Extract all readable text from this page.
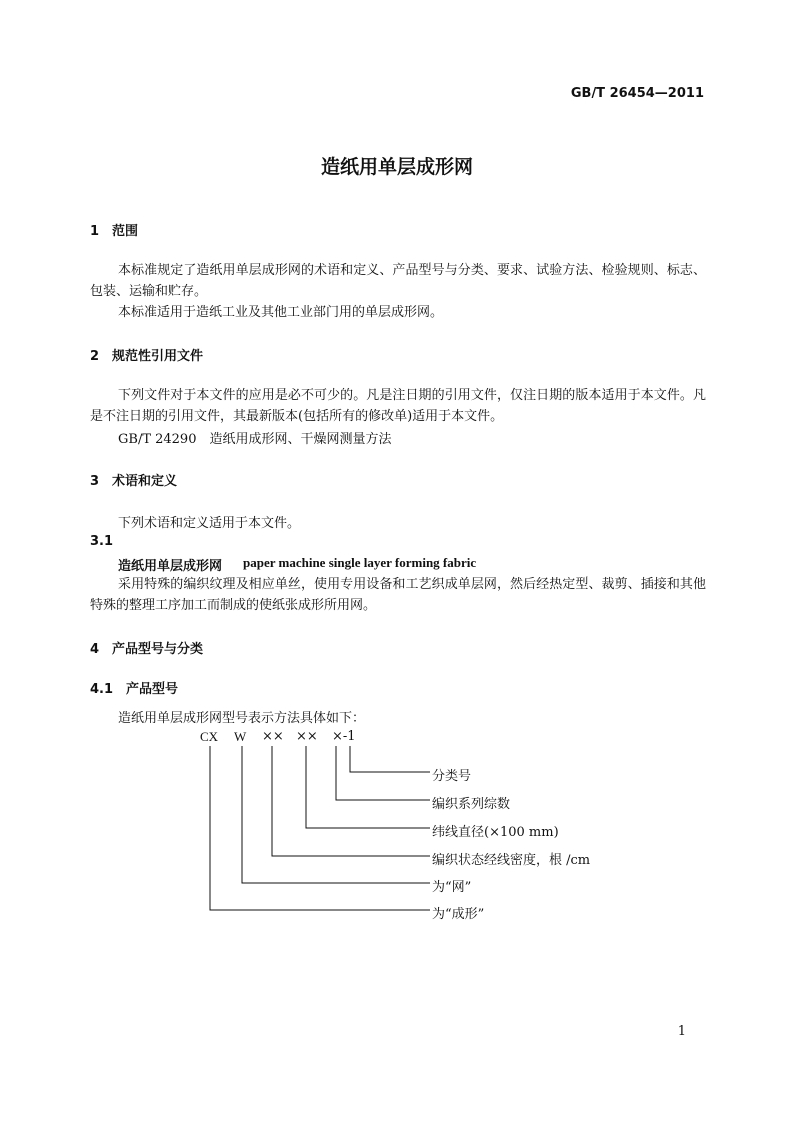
GB/T 26454—2011
造纸用单层成形网
1　范围
本标准规定了造纸用单层成形网的术语和定义、产品型号与分类、要求、试验方法、检验规则、标志、包装、运输和贮存。
本标准适用于造纸工业及其他工业部门用的单层成形网。
2　规范性引用文件
下列文件对于本文件的应用是必不可少的。凡是注日期的引用文件，仅注日期的版本适用于本文件。凡是不注日期的引用文件，其最新版本(包括所有的修改单)适用于本文件。
GB/T 24290　造纸用成形网、干燥网测量方法
3　术语和定义
下列术语和定义适用于本文件。
3.1
造纸用单层成形网 paper machine single layer forming fabric
采用特殊的编织纹理及相应单丝，使用专用设备和工艺织成单层网，然后经热定型、裁剪、插接和其他特殊的整理工序加工而制成的使纸张成形所用网。
4　产品型号与分类
4.1　产品型号
造纸用单层成形网型号表示方法具体如下：
CX W ×× ×× ×-1
分类号
编织系列综数
纬线直径(×100 mm)
编织状态经线密度，根 /cm
为“网”
为“成形”
1
